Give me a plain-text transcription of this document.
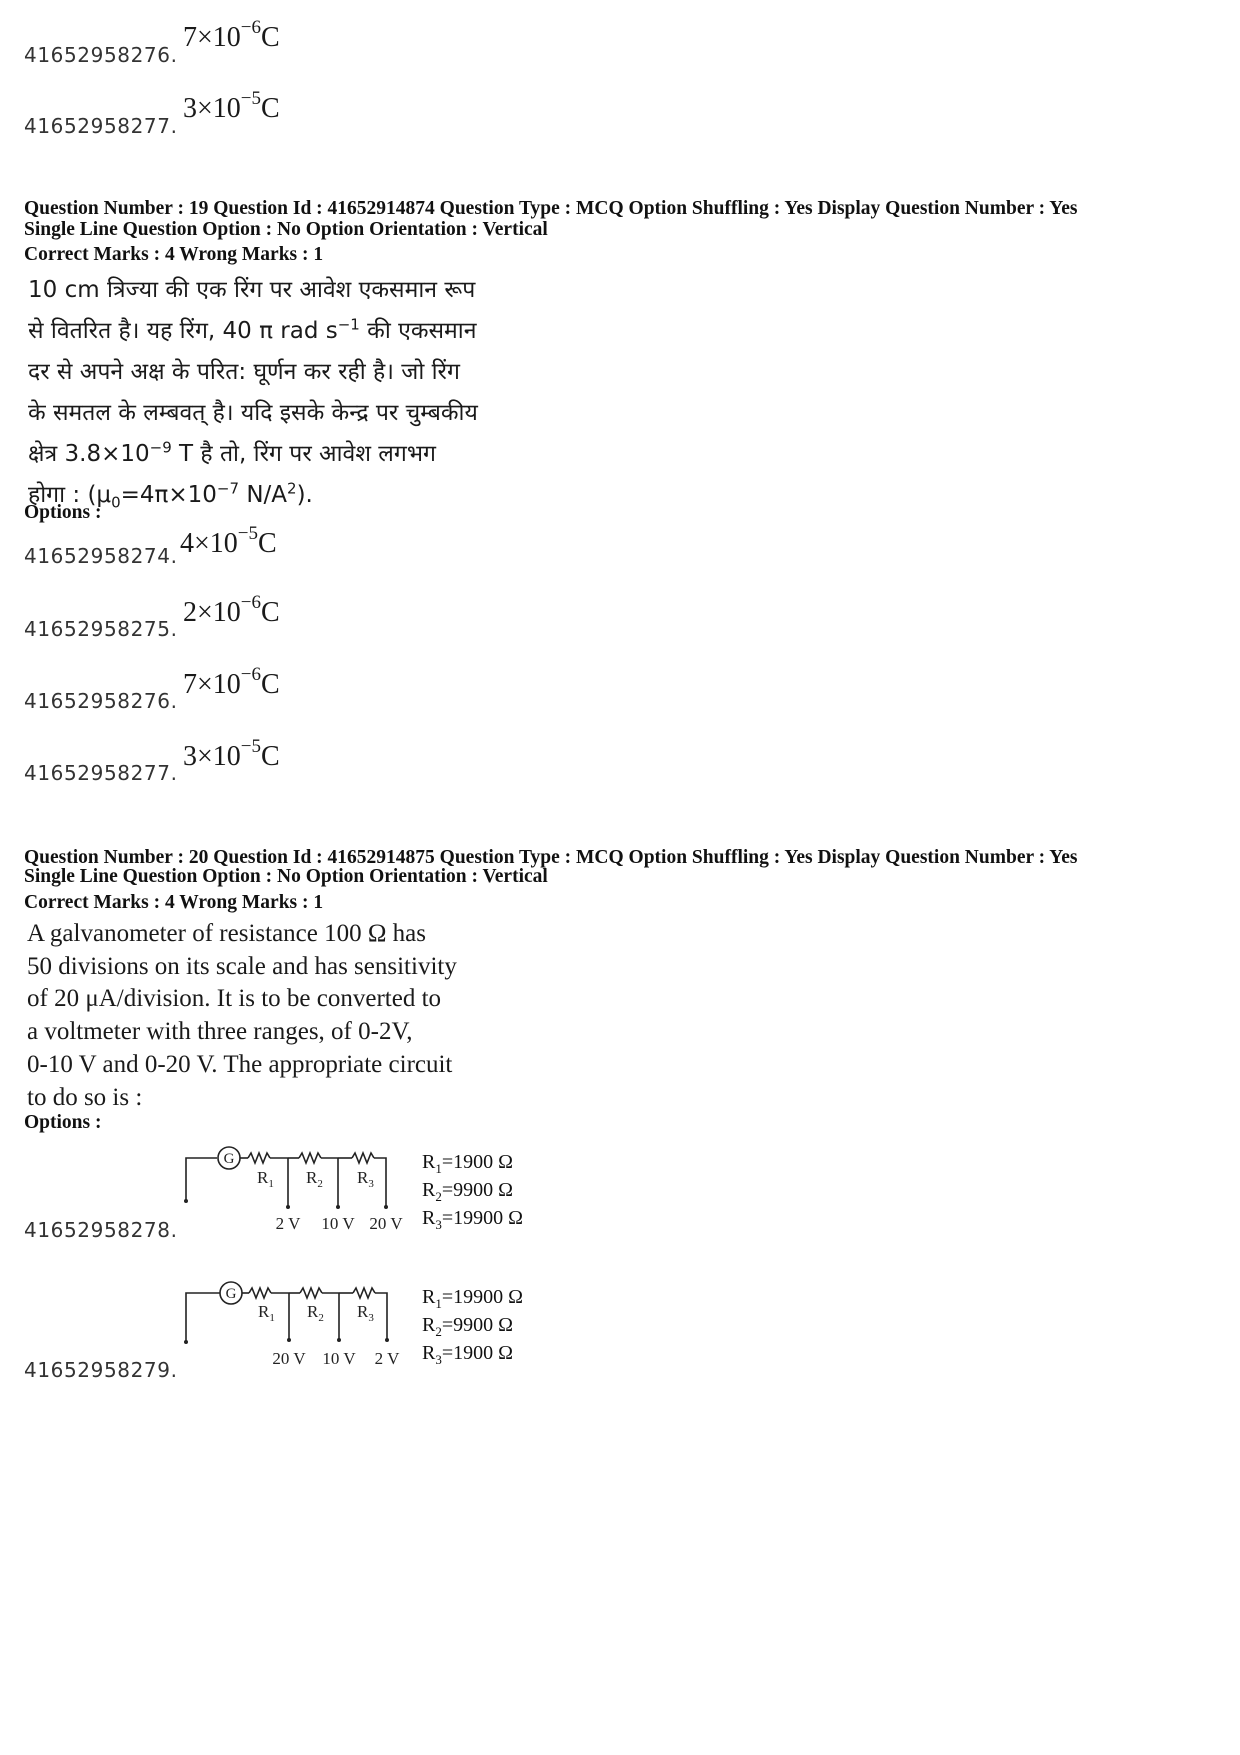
41652958276.
$7\times 10^{-6}C$
41652958277.
$3\times 10^{-5}C$
Question Number : 19 Question Id : 41652914874 Question Type : MCQ Option Shuffling : Yes Display Question Number : Yes
Single Line Question Option : No Option Orientation : Vertical
Correct Marks : 4 Wrong Marks : 1
10 cm त्रिज्या की एक रिंग पर आवेश एकसमान रूप
से वितरित है। यह रिंग, 40 π rad $s^{-1}$ की एकसमान
दर से अपने अक्ष के परित: घूर्णन कर रही है। जो रिंग
के समतल के लम्बवत् है। यदि इसके केन्द्र पर चुम्बकीय
क्षेत्र $3.8\times 10^{-9}$ T है तो, रिंग पर आवेश लगभग
होगा : ($\mu_0=4\pi\times 10^{-7}$ $N/A^2$).
Options :
41652958274. $4\times 10^{-5}C$
41652958275.
$2\times 10^{-6}C$
41652958276.
$7\times 10^{-6}C$
41652958277.
$3\times 10^{-5}C$
Question Number : 20 Question Id : 41652914875 Question Type : MCQ Option Shuffling : Yes Display Question Number : Yes
Single Line Question Option : No Option Orientation : Vertical
Correct Marks : 4 Wrong Marks : 1
A galvanometer of resistance 100 Ω has
50 divisions on its scale and has sensitivity
of 20 μA/division. It is to be converted to
a voltmeter with three ranges, of 0-2V,
0-10 V and 0-20 V. The appropriate circuit
to do so is :
Options :
41652958278.
G
$R_1$ $R_2$ $R_3$
2 V 10 V 20 V
$R_1=1900$ Ω
$R_2=9900$ Ω
$R_3=19900$ Ω
41652958279.
G
$R_1$ $R_2$ $R_3$
20 V 10 V 2 V
$R_1=19900$ Ω
$R_2=9900$ Ω
$R_3=1900$ Ω
